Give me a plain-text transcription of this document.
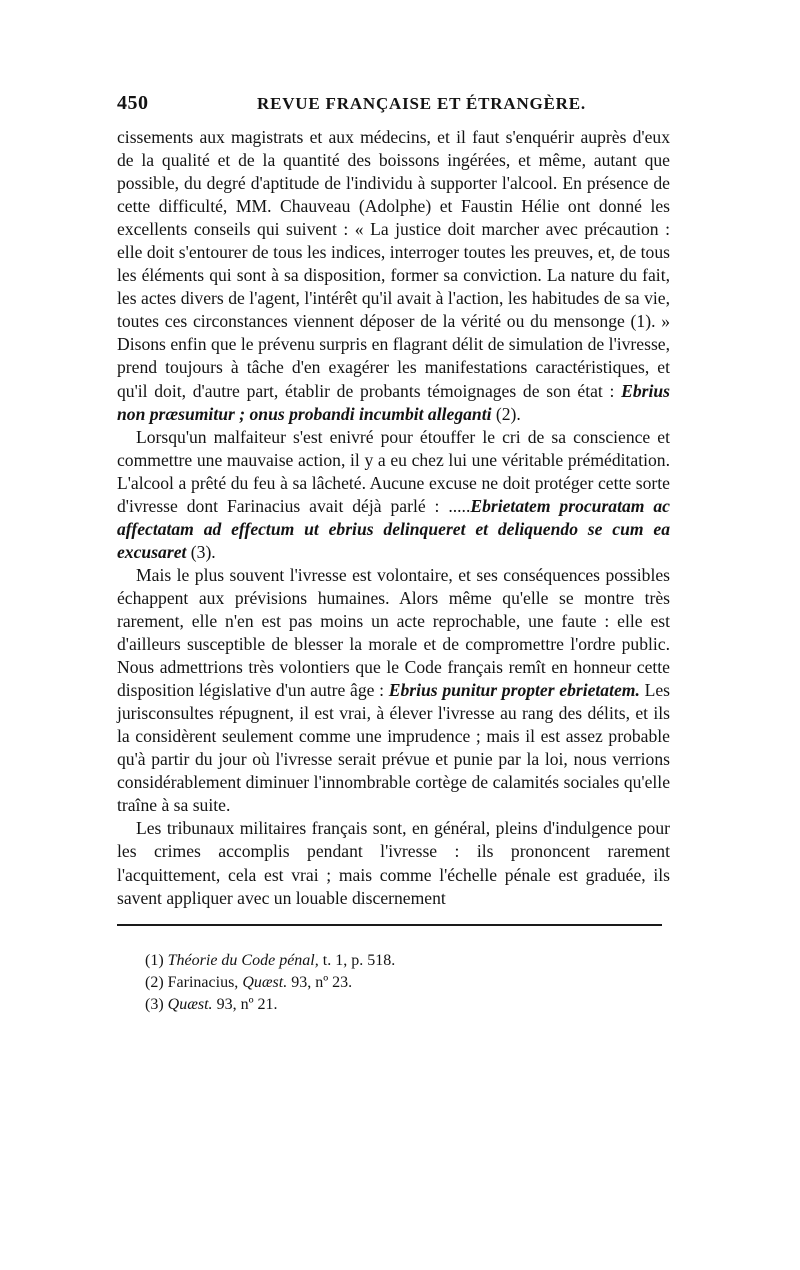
450	REVUE FRANÇAISE ET ÉTRANGÈRE.

cissements aux magistrats et aux médecins, et il faut s'enquérir auprès d'eux de la qualité et de la quantité des boissons ingérées, et même, autant que possible, du degré d'aptitude de l'individu à supporter l'alcool. En présence de cette difficulté, MM. Chauveau (Adolphe) et Faustin Hélie ont donné les excellents conseils qui suivent : « La justice doit marcher avec précaution : elle doit s'entourer de tous les indices, interroger toutes les preuves, et, de tous les éléments qui sont à sa disposition, former sa conviction. La nature du fait, les actes divers de l'agent, l'intérêt qu'il avait à l'action, les habitudes de sa vie, toutes ces circonstances viennent déposer de la vérité ou du mensonge (1). » Disons enfin que le prévenu surpris en flagrant délit de simulation de l'ivresse, prend toujours à tâche d'en exagérer les manifestations caractéristiques, et qu'il doit, d'autre part, établir de probants témoignages de son état : Ebrius non præsumitur ; onus probandi incumbit alleganti (2).

Lorsqu'un malfaiteur s'est enivré pour étouffer le cri de sa conscience et commettre une mauvaise action, il y a eu chez lui une véritable préméditation. L'alcool a prêté du feu à sa lâcheté. Aucune excuse ne doit protéger cette sorte d'ivresse dont Farinacius avait déjà parlé : .....Ebrietatem procuratam ac affectatam ad effectum ut ebrius delinqueret et deliquendo se cum ea excusaret (3).

Mais le plus souvent l'ivresse est volontaire, et ses conséquences possibles échappent aux prévisions humaines. Alors même qu'elle se montre très rarement, elle n'en est pas moins un acte reprochable, une faute : elle est d'ailleurs susceptible de blesser la morale et de compromettre l'ordre public. Nous admettrions très volontiers que le Code français remît en honneur cette disposition législative d'un autre âge : Ebrius punitur propter ebrietatem. Les jurisconsultes répugnent, il est vrai, à élever l'ivresse au rang des délits, et ils la considèrent seulement comme une imprudence ; mais il est assez probable qu'à partir du jour où l'ivresse serait prévue et punie par la loi, nous verrions considérablement diminuer l'innombrable cortège de calamités sociales qu'elle traîne à sa suite.

Les tribunaux militaires français sont, en général, pleins d'indulgence pour les crimes accomplis pendant l'ivresse : ils prononcent rarement l'acquittement, cela est vrai ; mais comme l'échelle pénale est graduée, ils savent appliquer avec un louable discernement

(1) Théorie du Code pénal, t. 1, p. 518.
(2) Farinacius, Quæst. 93, nº 23.
(3) Quæst. 93, nº 21.
